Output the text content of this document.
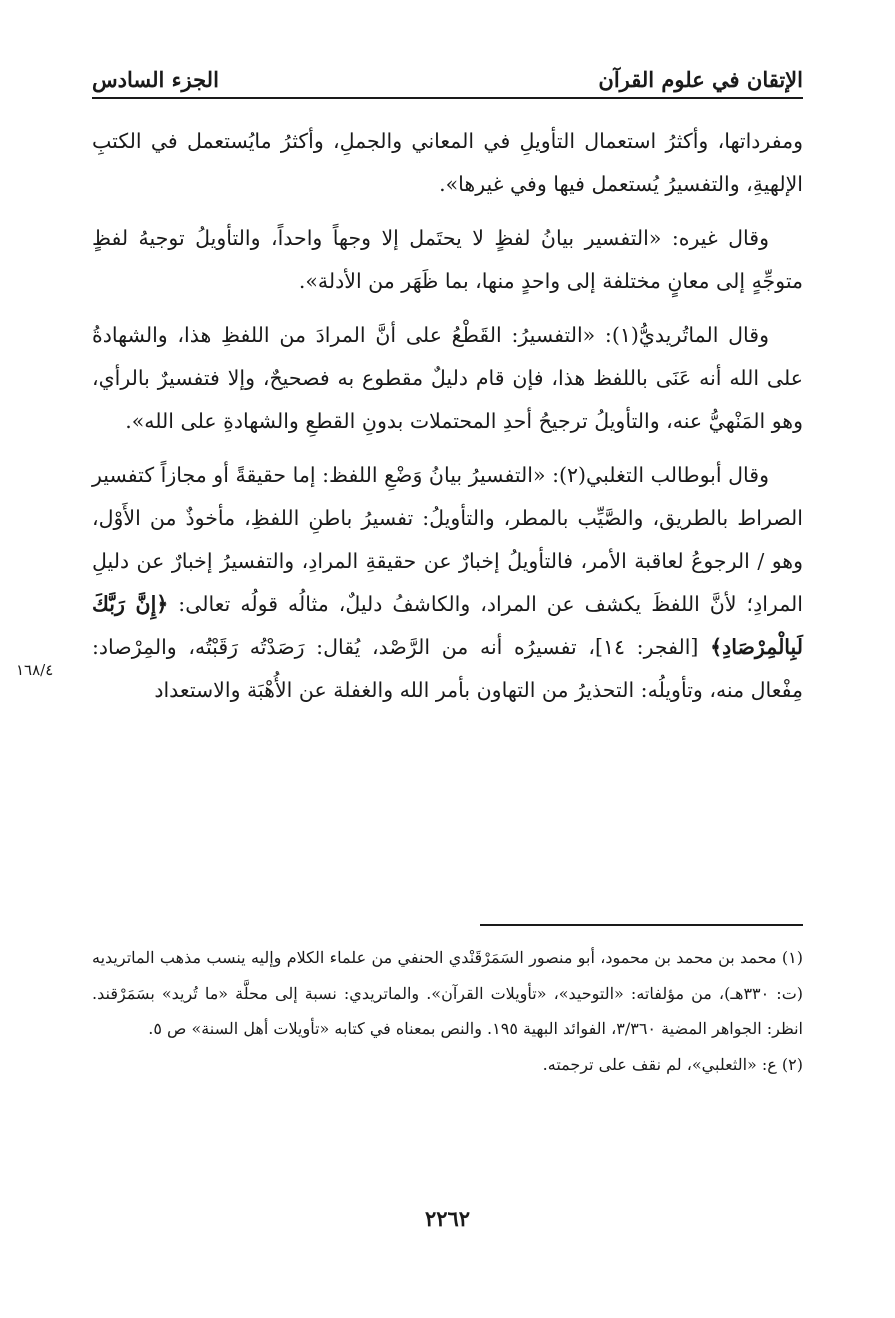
الإتقان في علوم القرآن
الجزء السادس

ومفرداتها، وأكثرُ استعمال التأويلِ في المعاني والجملِ، وأكثرُ مايُستعمل في الكتبِ الإلهيةِ، والتفسيرُ يُستعمل فيها وفي غيرها».

وقال غيره: «التفسير بيانُ لفظٍ لا يحتَمل إلا وجهاً واحداً، والتأويلُ توجيهُ لفظٍ متوجِّهٍ إلى معانٍ مختلفة إلى واحدٍ منها، بما ظَهَر من الأدلة».

وقال الماتُريديُّ(١): «التفسيرُ: القَطْعُ على أنَّ المرادَ من اللفظِ هذا، والشهادةُ على الله أنه عَنَى باللفظ هذا، فإن قام دليلٌ مقطوع به فصحيحٌ، وإلا فتفسيرٌ بالرأي، وهو المَنْهيُّ عنه، والتأويلُ ترجيحُ أحدِ المحتملات بدونِ القطعِ والشهادةِ على الله».

وقال أبوطالب التغلبي(٢): «التفسيرُ بيانُ وَضْعِ اللفظ: إما حقيقةً أو مجازاً كتفسير الصراط بالطريق، والصَّيِّب بالمطر، والتأويلُ: تفسيرُ باطنِ اللفظِ، مأخوذٌ من الأَوْل، وهو / الرجوعُ لعاقبة الأمر، فالتأويلُ إخبارٌ عن حقيقةِ المرادِ، والتفسيرُ إخبارٌ عن دليلِ المرادِ؛ لأنَّ اللفظَ يكشف عن المراد، والكاشفُ دليلٌ، مثالُه قولُه تعالى: ﴿إِنَّ رَبَّكَ لَبِالْمِرْصَادِ﴾ [الفجر: ١٤]، تفسيرُه أنه من الرَّصْد، يُقال: رَصَدْتُه رَقَبْتُه، والمِرْصاد: مِفْعال منه، وتأويلُه: التحذيرُ من التهاون بأمر الله والغفلة عن الأُهْبَة والاستعداد

١٦٨/٤

(١) محمد بن محمد بن محمود، أبو منصور السَمَرْقَنْدي الحنفي من علماء الكلام وإليه ينسب مذهب الماتريديه (ت: ٣٣٠هـ)، من مؤلفاته: «التوحيد»، «تأويلات القرآن». والماتريدي: نسبة إلى محلَّة «ما تُريد» بسَمَرْقند. انظر: الجواهر المضية ٣/٣٦٠، الفوائد البهية ١٩٥. والنص بمعناه في كتابه «تأويلات أهل السنة» ص ٥.

(٢) ع: «الثعلبي»، لم نقف على ترجمته.

٢٢٦٢
